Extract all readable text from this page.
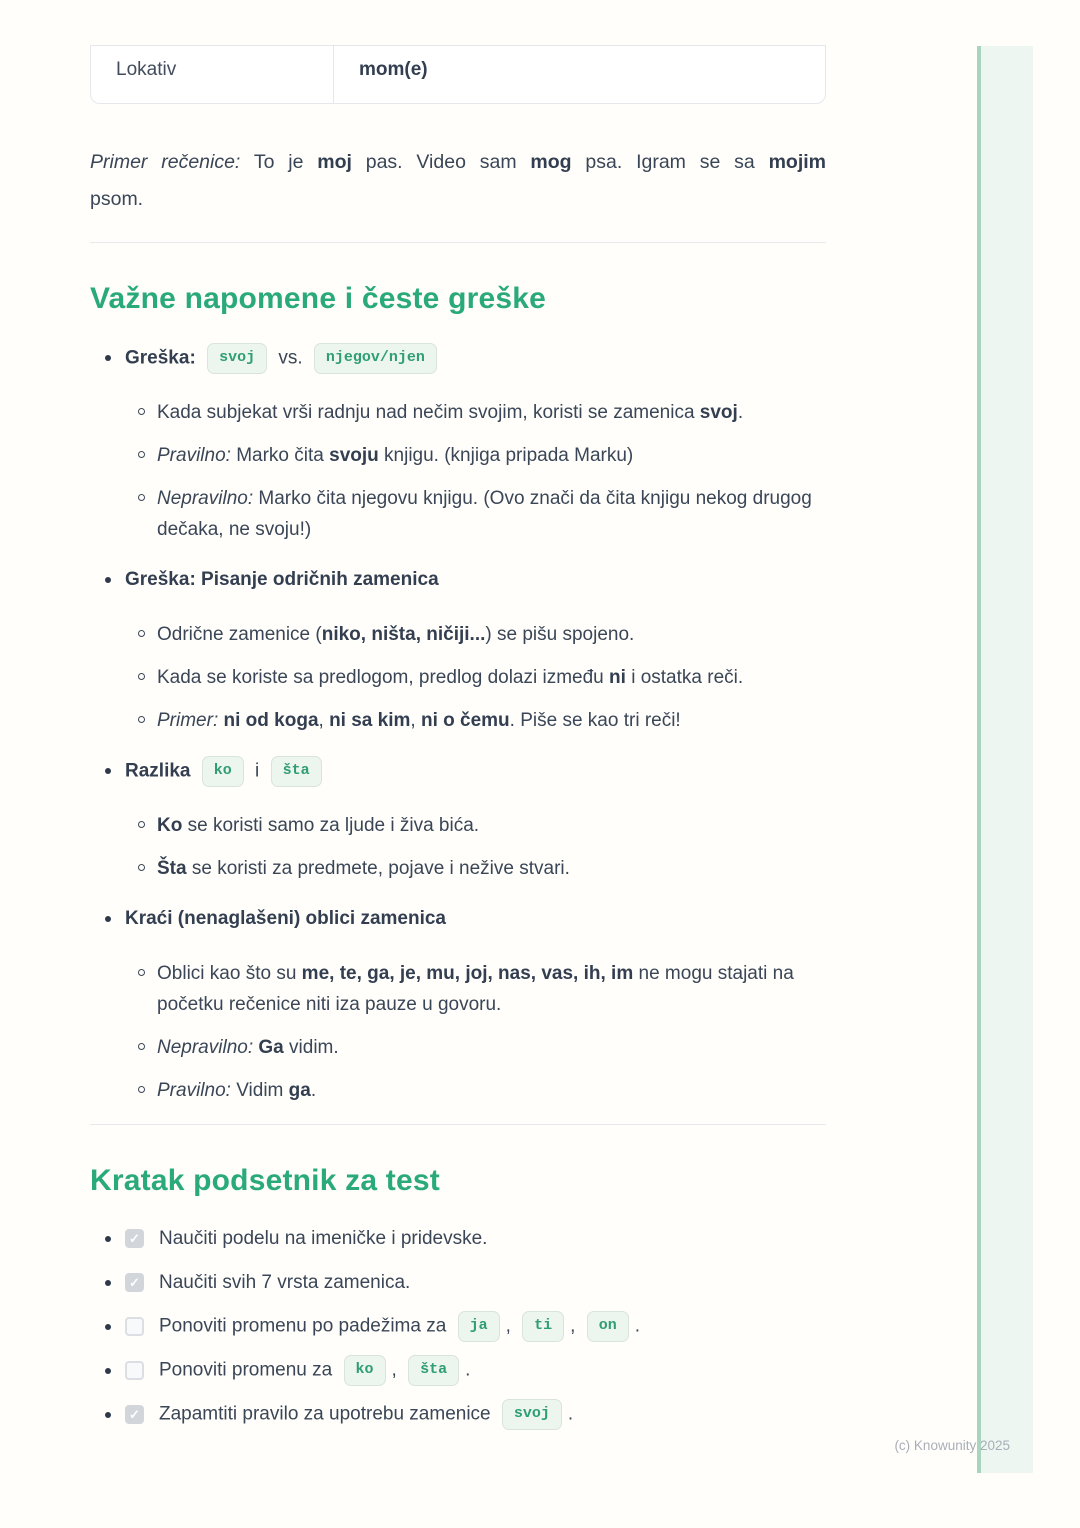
(c) Knowunity 2025
Lokativ	mom(e)

Primer rečenice: To je moj pas. Video sam mog psa. Igram se sa mojim
psom.

Važne napomene i česte greške
Greška: svoj vs. njegov/njen
Kada subjekat vrši radnju nad nečim svojim, koristi se zamenica svoj.
Pravilno: Marko čita svoju knjigu. (knjiga pripada Marku)
Nepravilno: Marko čita njegovu knjigu. (Ovo znači da čita knjigu nekog drugog dečaka, ne svoju!)
Greška: Pisanje odričnih zamenica
Odrične zamenice (niko, ništa, ničiji...) se pišu spojeno.
Kada se koriste sa predlogom, predlog dolazi između ni i ostatka reči.
Primer: ni od koga, ni sa kim, ni o čemu. Piše se kao tri reči!
Razlika ko i šta
Ko se koristi samo za ljude i živa bića.
Šta se koristi za predmete, pojave i nežive stvari.
Kraći (nenaglašeni) oblici zamenica
Oblici kao što su me, te, ga, je, mu, joj, nas, vas, ih, im ne mogu stajati na početku rečenice niti iza pauze u govoru.
Nepravilno: Ga vidim.
Pravilno: Vidim ga.
Kratak podsetnik za test
✓ Naučiti podelu na imeničke i pridevske.
✓ Naučiti svih 7 vrsta zamenica.
Ponoviti promenu po padežima za ja , ti , on .
Ponoviti promenu za ko , šta .
✓ Zapamtiti pravilo za upotrebu zamenice svoj .
